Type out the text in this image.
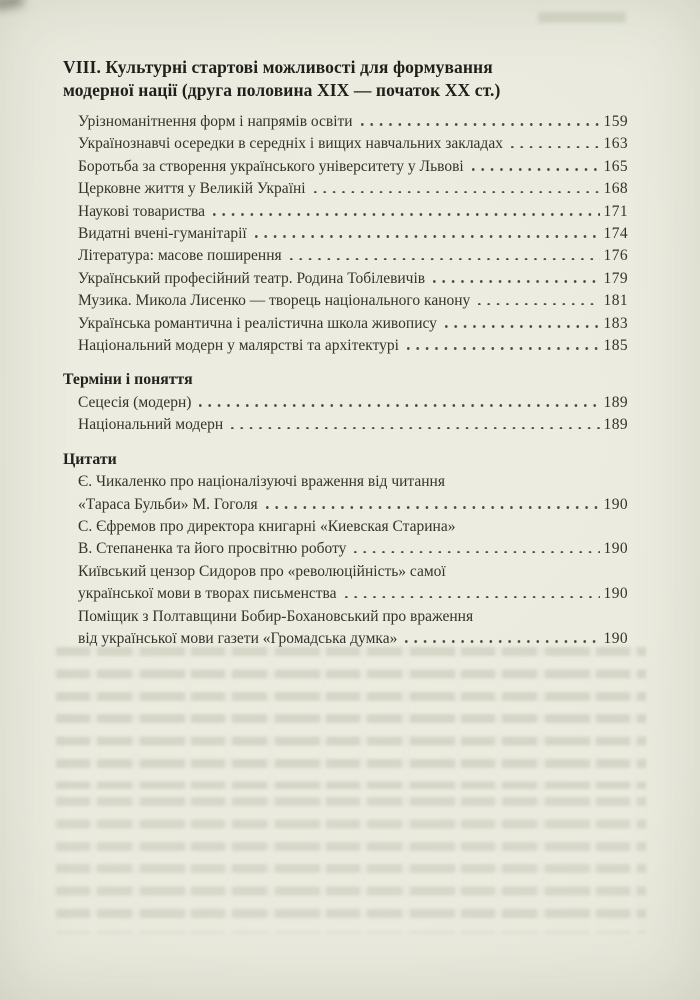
VIII. Культурні стартові можливості для формування
модерної нації (друга половина XIX — початок XX ст.)
Урізноманітнення форм і напрямів освіти	159
Українознавчі осередки в середніх і вищих навчальних закладах	163
Боротьба за створення українського університету у Львові	165
Церковне життя у Великій Україні	168
Наукові товариства	171
Видатні вчені-гуманітарії	174
Література: масове поширення	176
Український професійний театр. Родина Тобілевичів	179
Музика. Микола Лисенко — творець національного канону	181
Українська романтична і реалістична школа живопису	183
Національний модерн у малярстві та архітектурі	185
Терміни і поняття
Сецесія (модерн)	189
Національний модерн	189
Цитати
Є. Чикаленко про націоналізуючі враження від читання
«Тараса Бульби» М. Гоголя	190
С. Єфремов про директора книгарні «Киевская Старина»
В. Степаненка та його просвітню роботу	190
Київський цензор Сидоров про «революційність» самої
української мови в творах письменства	190
Поміщик з Полтавщини Бобир-Бохановський про враження
від української мови газети «Громадська думка»	190
